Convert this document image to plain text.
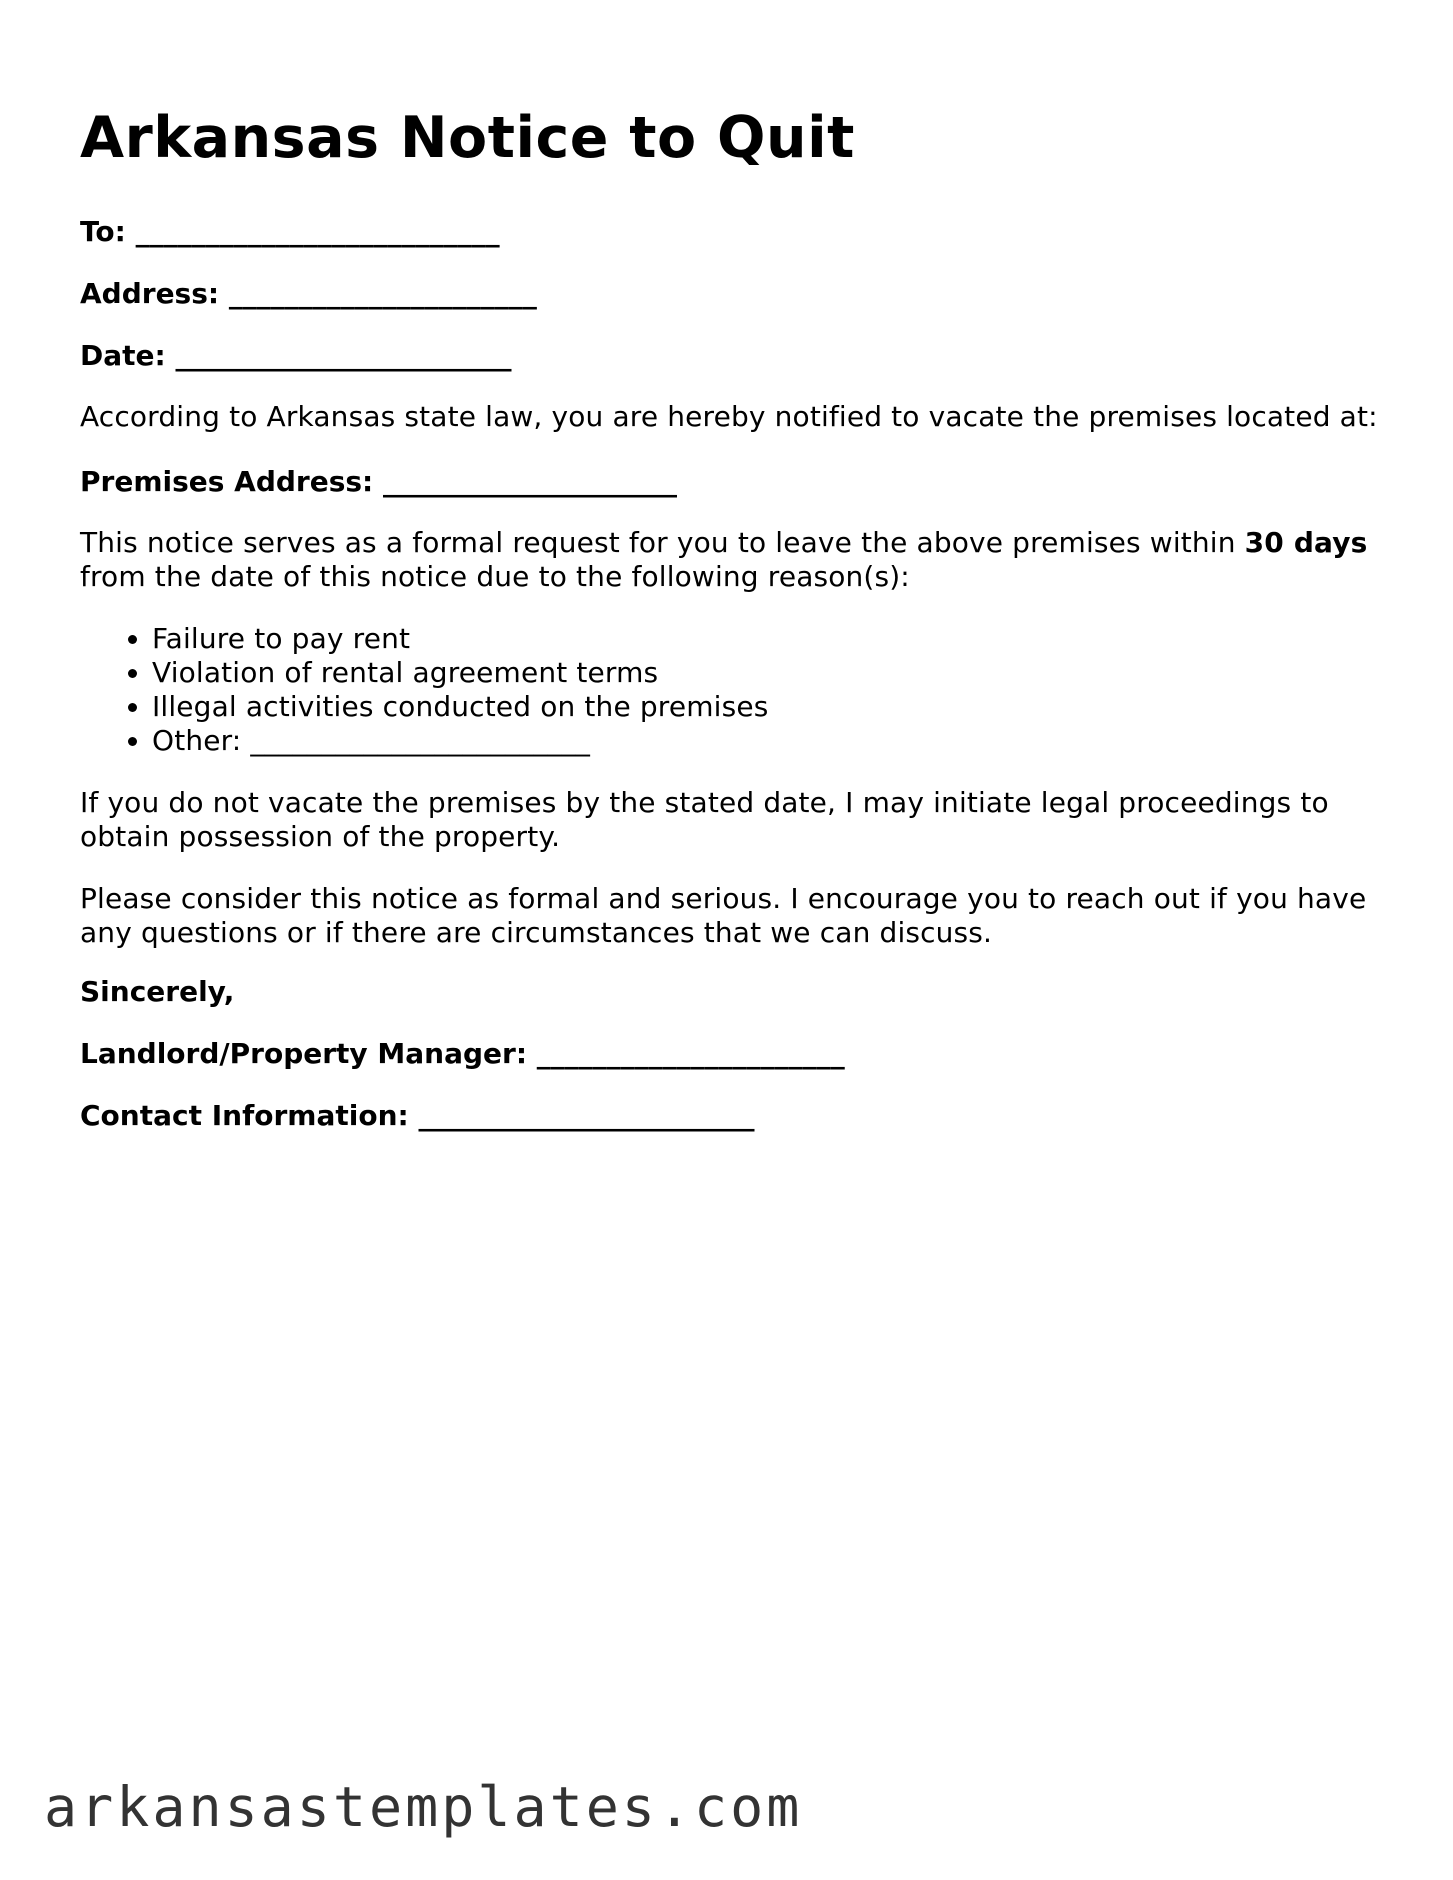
Arkansas Notice to Quit

To: __________________________

Address: ______________________

Date: ________________________

According to Arkansas state law, you are hereby notified to vacate the premises located at:

Premises Address: _____________________

This notice serves as a formal request for you to leave the above premises within 30 days from the date of this notice due to the following reason(s):

• Failure to pay rent
• Violation of rental agreement terms
• Illegal activities conducted on the premises
• Other: ________________________

If you do not vacate the premises by the stated date, I may initiate legal proceedings to obtain possession of the property.

Please consider this notice as formal and serious. I encourage you to reach out if you have any questions or if there are circumstances that we can discuss.

Sincerely,

Landlord/Property Manager: ______________________

Contact Information: ________________________

arkansastemplates.com
